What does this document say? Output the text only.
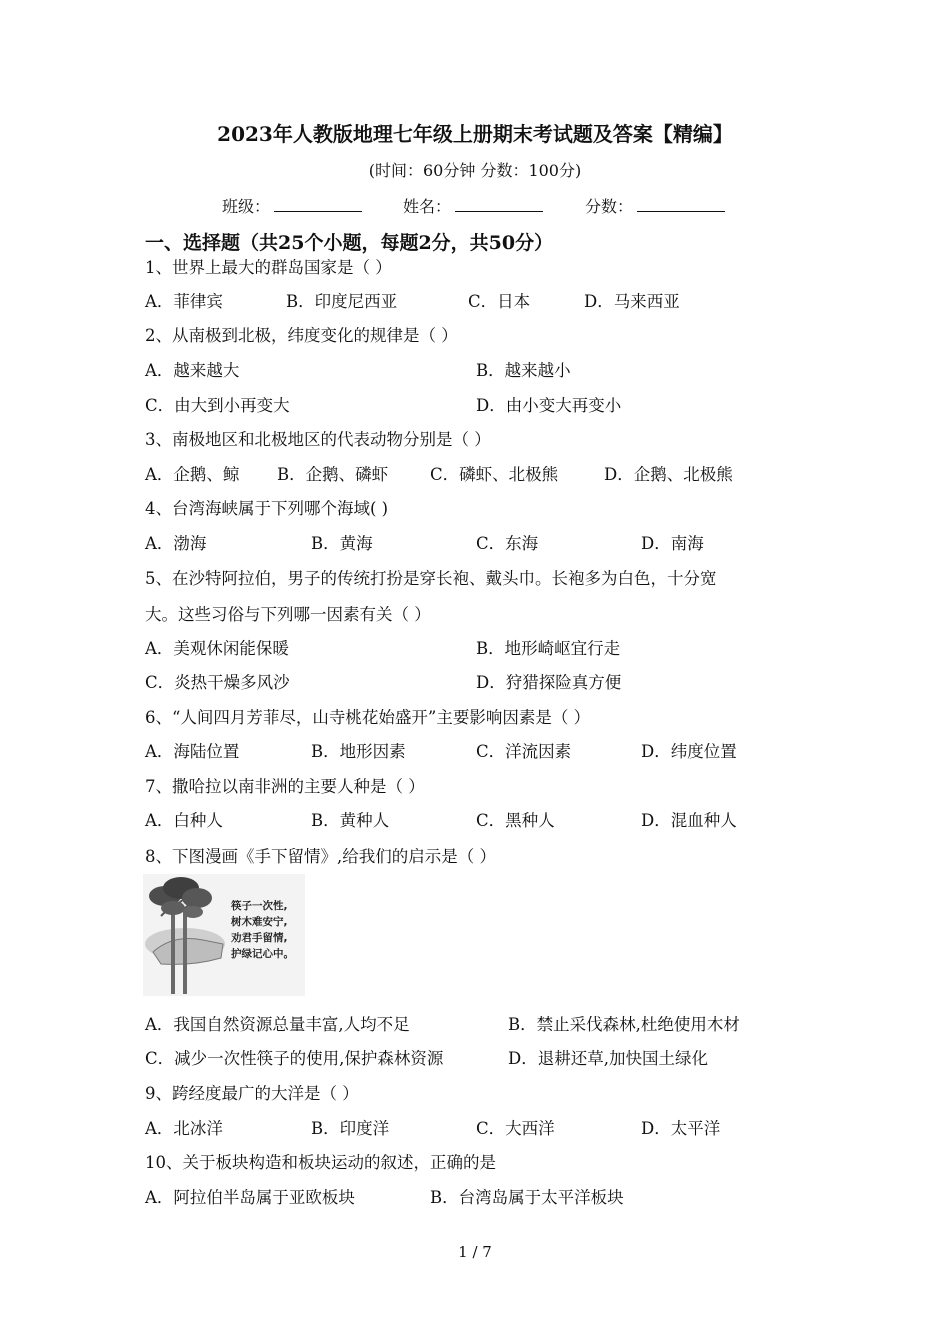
2023年人教版地理七年级上册期末考试题及答案【精编】
(时间：60分钟 分数：100分)
班级：	姓名：	分数：
一、选择题（共25个小题，每题2分，共50分）
1、世界上最大的群岛国家是（ ）
A．菲律宾	B．印度尼西亚	C．日本	D．马来西亚
2、从南极到北极，纬度变化的规律是（ ）
A．越来越大	B．越来越小
C．由大到小再变大	D．由小变大再变小
3、南极地区和北极地区的代表动物分别是（ ）
A．企鹅、鲸 B．企鹅、磷虾	C．磷虾、北极熊	D．企鹅、北极熊
4、台湾海峡属于下列哪个海域( )
A．渤海	B．黄海	C．东海	D．南海
5、在沙特阿拉伯，男子的传统打扮是穿长袍、戴头巾。长袍多为白色，十分宽
大。这些习俗与下列哪一因素有关（ ）
A．美观休闲能保暖	B．地形崎岖宜行走
C．炎热干燥多风沙	D．狩猎探险真方便
6、“人间四月芳菲尽，山寺桃花始盛开”主要影响因素是（ ）
A．海陆位置	B．地形因素	C．洋流因素	D．纬度位置
7、撒哈拉以南非洲的主要人种是（ ）
A．白种人	B．黄种人	C．黑种人	D．混血种人
8、下图漫画《手下留情》,给我们的启示是（ ）
筷子一次性,
树木难安宁,
劝君手留情,
护绿记心中。
A．我国自然资源总量丰富,人均不足	B．禁止采伐森林,杜绝使用木材
C．减少一次性筷子的使用,保护森林资源	D．退耕还草,加快国土绿化
9、跨经度最广的大洋是（ ）
A．北冰洋	B．印度洋	C．大西洋	D．太平洋
10、关于板块构造和板块运动的叙述，正确的是
A．阿拉伯半岛属于亚欧板块	B．台湾岛属于太平洋板块
1 / 7
